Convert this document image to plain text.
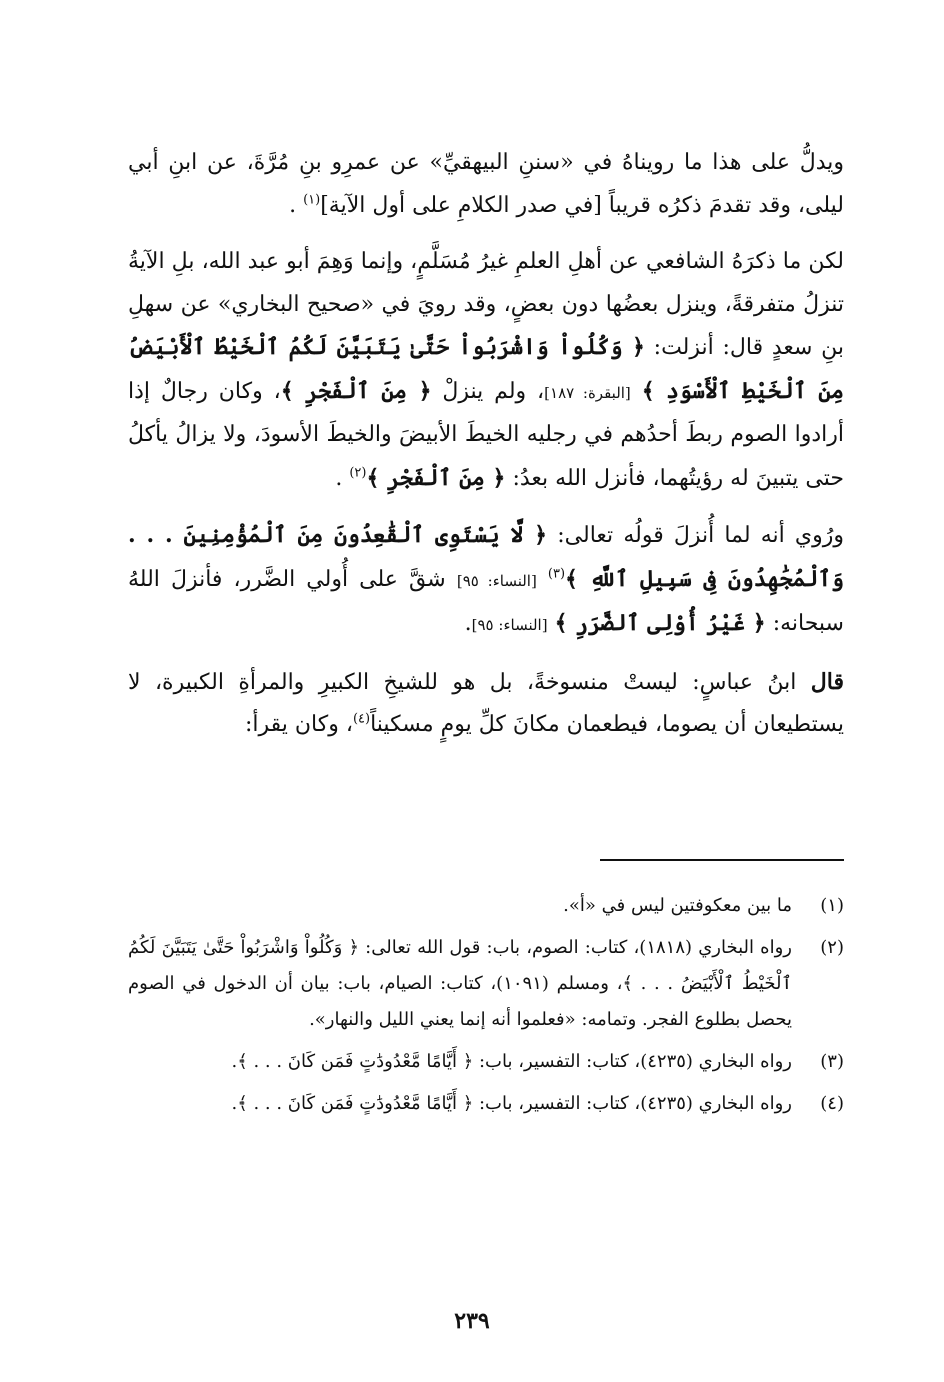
ويدلُّ على هذا ما رويناهُ في «سننِ البيهقيِّ» عن عمرِو بنِ مُرَّةَ، عن ابنِ أبي ليلى، وقد تقدمَ ذكرُه قريباً [في صدر الكلامِ على أول الآية]$^{(١)}$ .

لكن ما ذكرَهُ الشافعي عن أهلِ العلمِ غيرُ مُسَلَّمٍ، وإنما وَهِمَ أبو عبد الله، بلِ الآيةُ تنزلُ متفرقةً، وينزل بعضُها دون بعضٍ، وقد رويَ في «صحيح البخاري» عن سهلِ بنِ سعدٍ قال: أنزلت: ﴿ وَكُلُواْ وَاشْرَبُواْ حَتَّىٰ يَتَبَيَّنَ لَكُمُ ٱلْخَيْطُ ٱلْأَبْيَضُ مِنَ ٱلْخَيْطِ ٱلْأَسْوَدِ ﴾ [البقرة: ١٨٧]، ولم ينزلْ ﴿ مِنَ ٱلْفَجْرِ ﴾، وكان رجالٌ إذا أرادوا الصوم ربطَ أحدُهم في رجليه الخيطَ الأبيضَ والخيطَ الأسودَ، ولا يزالُ يأكلُ حتى يتبينَ له رؤيتُهما، فأنزل الله بعدُ: ﴿ مِنَ ٱلْفَجْرِ ﴾$^{(٢)}$ .

ورُوي أنه لما أُنزلَ قولُه تعالى: ﴿ لَّا يَسْتَوِى ٱلْقَٰعِدُونَ مِنَ ٱلْمُؤْمِنِينَ . . . وَٱلْمُجَٰهِدُونَ فِى سَبِيلِ ٱللَّهِ ﴾$^{(٣)}$ [النساء: ٩٥] شقَّ على أُولي الضَّرر، فأنزلَ اللهُ سبحانه: ﴿ غَيْرُ أُوْلِى ٱلضَّرَرِ ﴾ [النساء: ٩٥].

قال ابنُ عباسٍ: ليستْ منسوخةً، بل هو للشيخِ الكبيرِ والمرأةِ الكبيرة، لا يستطيعان أن يصوما، فيطعمان مكانَ كلِّ يومٍ مسكيناً$^{(٤)}$، وكان يقرأ:

(١)
ما بين معكوفتين ليس في «أ».
(٢)
رواه البخاري (١٨١٨)، كتاب: الصوم، باب: قول الله تعالى: ﴿ وَكُلُواْ وَاشْرَبُواْ حَتَّىٰ يَتَبَيَّنَ لَكُمُ ٱلْخَيْطُ ٱلْأَبْيَضُ . . . ﴾، ومسلم (١٠٩١)، كتاب: الصيام، باب: بيان أن الدخول في الصوم يحصل بطلوع الفجر. وتمامه: «فعلموا أنه إنما يعني الليل والنهار».
(٣)
رواه البخاري (٤٢٣٥)، كتاب: التفسير، باب: ﴿ أَيَّامًا مَّعْدُودَٰتٍ فَمَن كَانَ . . . ﴾.
(٤)
رواه البخاري (٤٢٣٥)، كتاب: التفسير، باب: ﴿ أَيَّامًا مَّعْدُودَٰتٍ فَمَن كَانَ . . . ﴾.
٢٣٩
